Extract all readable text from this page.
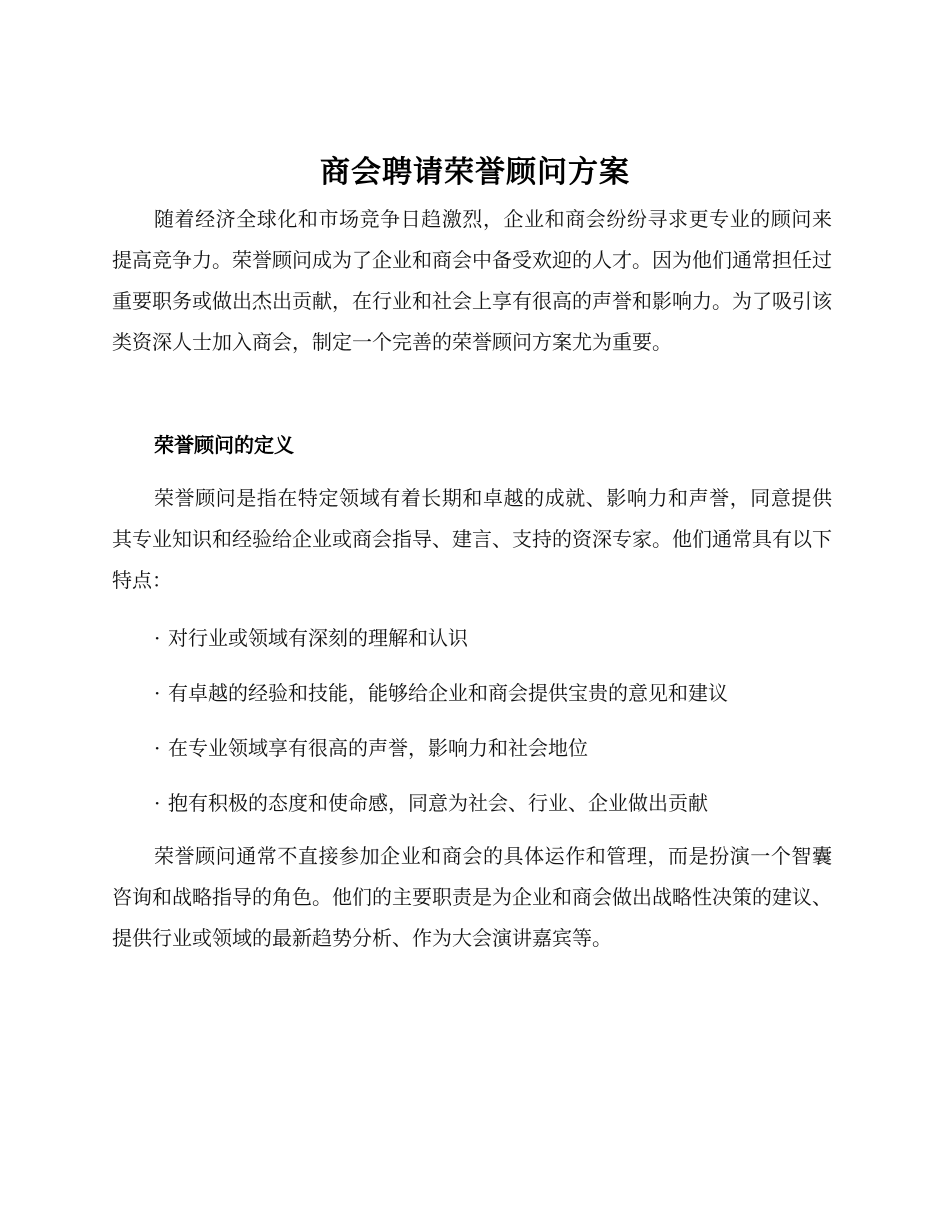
商会聘请荣誉顾问方案

随着经济全球化和市场竞争日趋激烈，企业和商会纷纷寻求更专业的顾问来提高竞争力。荣誉顾问成为了企业和商会中备受欢迎的人才。因为他们通常担任过重要职务或做出杰出贡献，在行业和社会上享有很高的声誉和影响力。为了吸引该类资深人士加入商会，制定一个完善的荣誉顾问方案尤为重要。

荣誉顾问的定义

荣誉顾问是指在特定领域有着长期和卓越的成就、影响力和声誉，同意提供其专业知识和经验给企业或商会指导、建言、支持的资深专家。他们通常具有以下特点：

· 对行业或领域有深刻的理解和认识
· 有卓越的经验和技能，能够给企业和商会提供宝贵的意见和建议
· 在专业领域享有很高的声誉，影响力和社会地位
· 抱有积极的态度和使命感，同意为社会、行业、企业做出贡献

荣誉顾问通常不直接参加企业和商会的具体运作和管理，而是扮演一个智囊咨询和战略指导的角色。他们的主要职责是为企业和商会做出战略性决策的建议、提供行业或领域的最新趋势分析、作为大会演讲嘉宾等。
